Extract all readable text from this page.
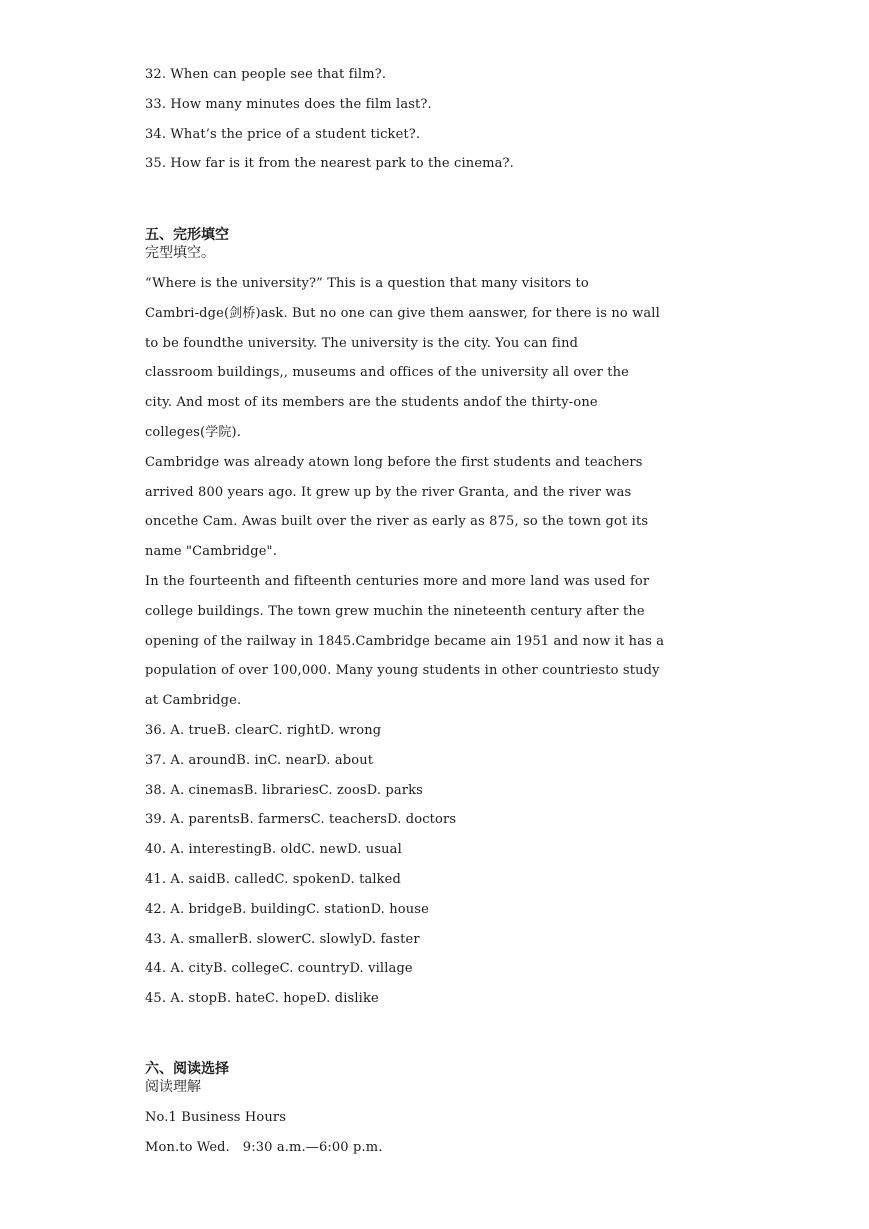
32. When can people see that film?.
33. How many minutes does the film last?.
34. What’s the price of a student ticket?.
35. How far is it from the nearest park to the cinema?.
五、完形填空
完型填空。
“Where is the university?” This is a question that many visitors to
Cambri-dge(剑桥)ask. But no one can give them aanswer, for there is no wall
to be foundthe university. The university is the city. You can find
classroom buildings,, museums and offices of the university all over the
city. And most of its members are the students andof the thirty-one
colleges(学院).
Cambridge was already atown long before the first students and teachers
arrived 800 years ago. It grew up by the river Granta, and the river was
oncethe Cam. Awas built over the river as early as 875, so the town got its
name "Cambridge".
In the fourteenth and fifteenth centuries more and more land was used for
college buildings. The town grew muchin the nineteenth century after the
opening of the railway in 1845.Cambridge became ain 1951 and now it has a
population of over 100,000. Many young students in other countriesto study
at Cambridge.
36. A. trueB. clearC. rightD. wrong
37. A. aroundB. inC. nearD. about
38. A. cinemasB. librariesC. zoosD. parks
39. A. parentsB. farmersC. teachersD. doctors
40. A. interestingB. oldC. newD. usual
41. A. saidB. calledC. spokenD. talked
42. A. bridgeB. buildingC. stationD. house
43. A. smallerB. slowerC. slowlyD. faster
44. A. cityB. collegeC. countryD. village
45. A. stopB. hateC. hopeD. dislike
六、阅读选择
阅读理解
No.1 Business Hours
Mon.to Wed.   9:30 a.m.—6:00 p.m.
